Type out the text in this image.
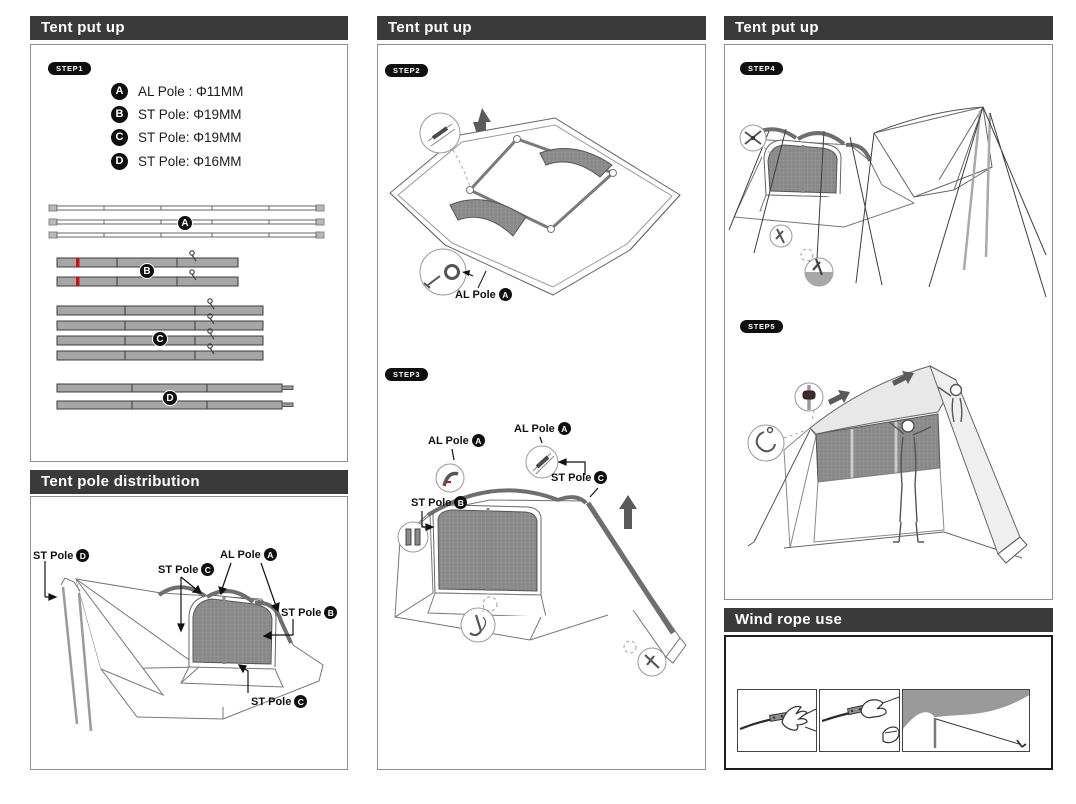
Tent put up
STEP1
A	AL Pole : Φ11MM
B	ST Pole: Φ19MM
C	ST Pole: Φ19MM
D	ST Pole: Φ16MM
A
B
C
D
Tent pole distribution
ST Pole D
ST Pole C
AL Pole A
ST Pole B
ST Pole C
Tent put up
STEP2
AL Pole A
STEP3
AL Pole A
AL Pole A
ST Pole B
ST Pole C
Tent put up
STEP4
STEP5
Wind rope use
